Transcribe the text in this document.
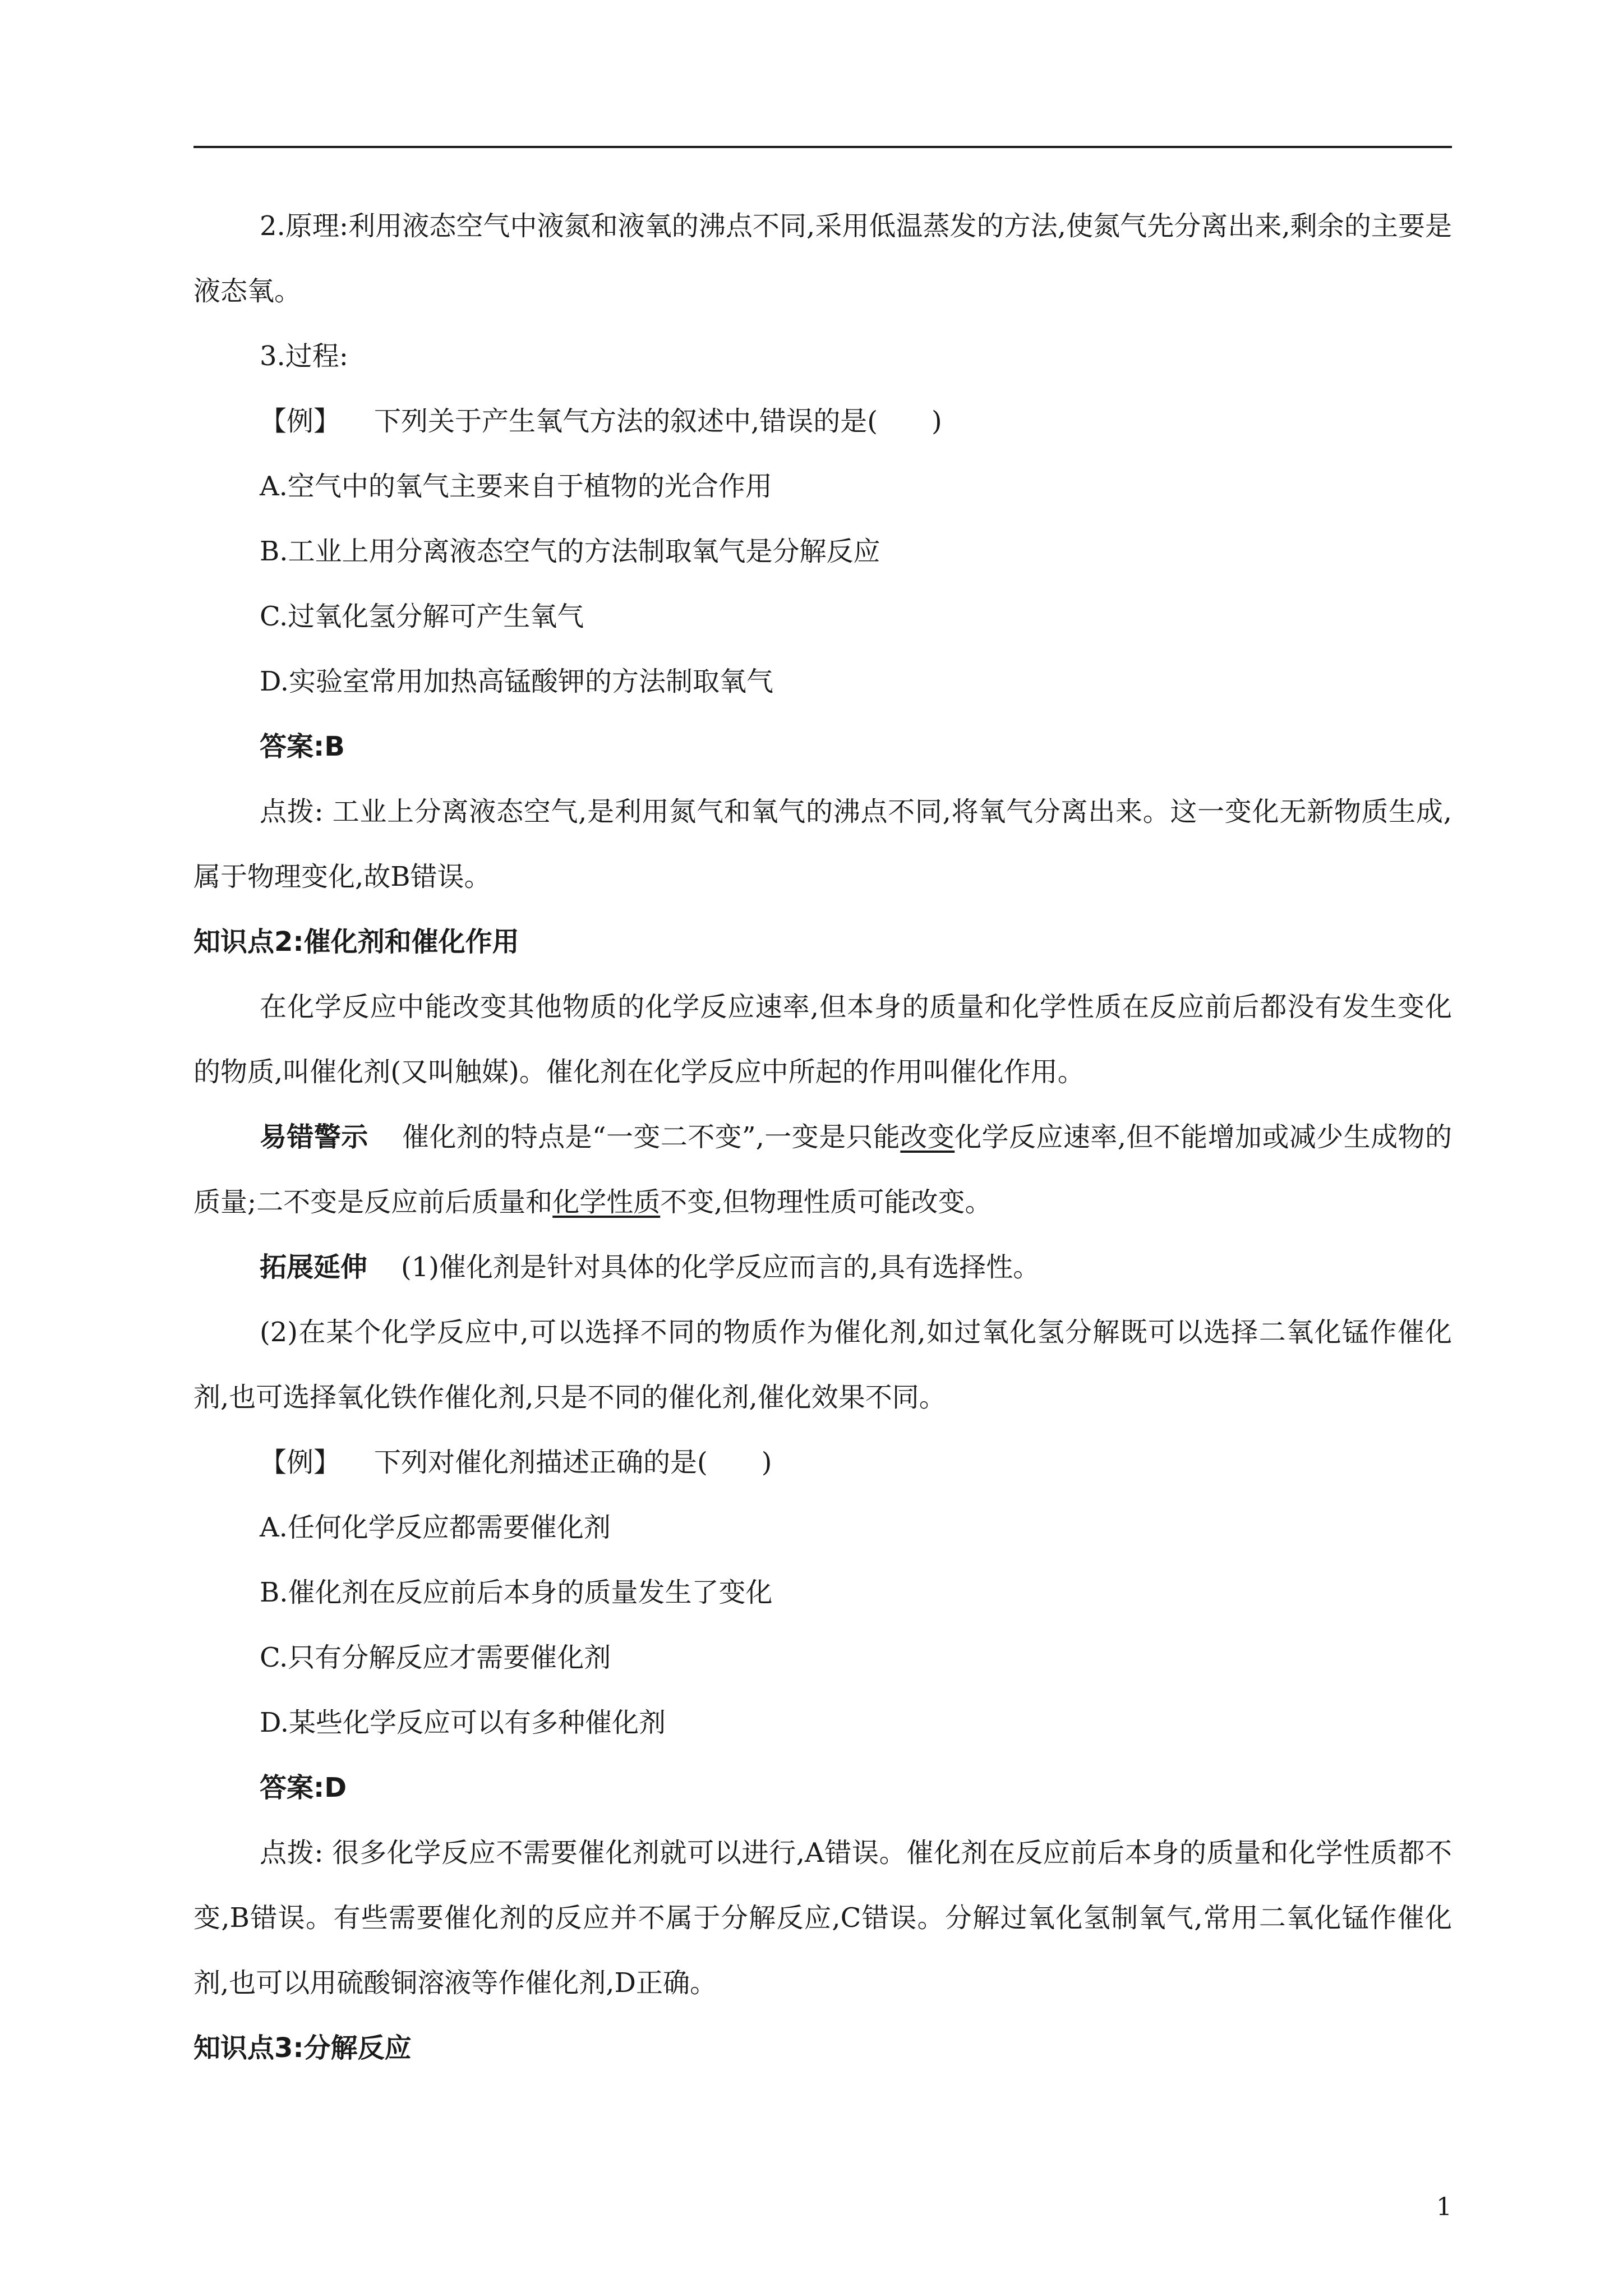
2.原理:利用液态空气中液氮和液氧的沸点不同,采用低温蒸发的方法,使氮气先分离出来,剩余的主要是液态氧。

3.过程:

【例】 下列关于产生氧气方法的叙述中,错误的是(　　)

A.空气中的氧气主要来自于植物的光合作用

B.工业上用分离液态空气的方法制取氧气是分解反应

C.过氧化氢分解可产生氧气

D.实验室常用加热高锰酸钾的方法制取氧气

答案:B

点拨: 工业上分离液态空气,是利用氮气和氧气的沸点不同,将氧气分离出来。这一变化无新物质生成,属于物理变化,故B错误。

知识点2:催化剂和催化作用

在化学反应中能改变其他物质的化学反应速率,但本身的质量和化学性质在反应前后都没有发生变化的物质,叫催化剂(又叫触媒)。催化剂在化学反应中所起的作用叫催化作用。

易错警示 催化剂的特点是“一变二不变”,一变是只能改变化学反应速率,但不能增加或减少生成物的质量;二不变是反应前后质量和化学性质不变,但物理性质可能改变。

拓展延伸 (1)催化剂是针对具体的化学反应而言的,具有选择性。

(2)在某个化学反应中,可以选择不同的物质作为催化剂,如过氧化氢分解既可以选择二氧化锰作催化剂,也可选择氧化铁作催化剂,只是不同的催化剂,催化效果不同。

【例】 下列对催化剂描述正确的是(　　)

A.任何化学反应都需要催化剂

B.催化剂在反应前后本身的质量发生了变化

C.只有分解反应才需要催化剂

D.某些化学反应可以有多种催化剂

答案:D

点拨: 很多化学反应不需要催化剂就可以进行,A错误。催化剂在反应前后本身的质量和化学性质都不变,B错误。有些需要催化剂的反应并不属于分解反应,C错误。分解过氧化氢制氧气,常用二氧化锰作催化剂,也可以用硫酸铜溶液等作催化剂,D正确。

知识点3:分解反应

1
